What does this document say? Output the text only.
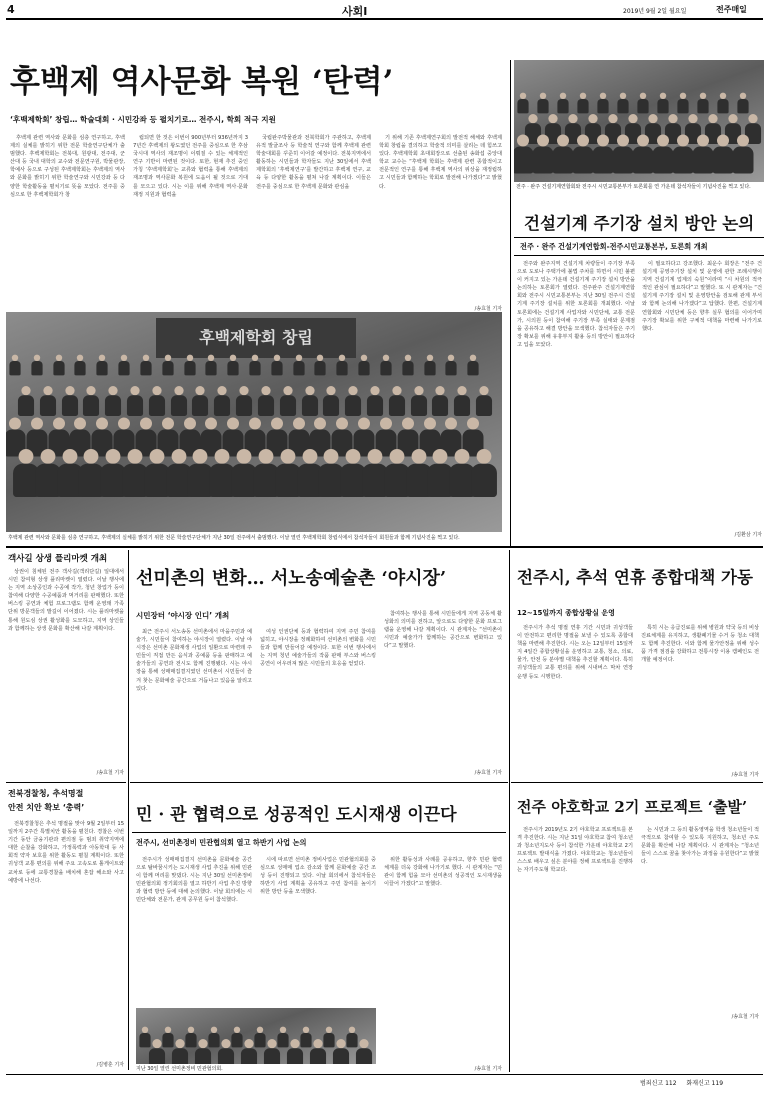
4	사회Ⅰ	2019년 9월 2일 월요일	전주매일
후백제 역사문화 복원 ‘탄력’
‘후백제학회’ 창립… 학술대회 · 시민강좌 등 펼치기로… 전주시, 학회 적극 지원

후백제 관련 역사와 문화를 심층 연구하고, 후백제의 실체를 밝히기 위한 전문 학술연구단체가 출범했다. 후백제학회는 전북대, 원광대, 전주대, 군산대 등 국내 대학의 교수와 전문연구원, 박물관장, 학예사 등으로 구성된 후백제학회는 후백제의 역사와 문화를 밝히기 위한 학술연구와 시민강좌 등 다양한 학술활동을 펼치기로 뜻을 모았다. 전주를 중심으로 한 후백제학회가 창

립되면 한 것은 이번이 900년부터 936년까지 37년간 후백제의 왕도였던 전주를 중심으로 한 후삼국시대 역사의 재조명이 이뤄질 수 있는 체계적인 연구 기반이 마련된 것이다. 또한, 현재 추진 중인 가칭 ‘후백제학회’는 교류와 협력을 통해 후백제의 재조명과 역사문화 복원에 도움이 될 것으로 기대를 모으고 있다. 시는 이를 위해 후백제 역사·문화 재정 지원과 협력을

국립완주박물관과 전북학회가 주관하고, 후백제 유적 발굴조사 등 학술적 연구와 함께 후백제 관련 학술대회를 꾸준히 이어갈 예정이다. 전북지역에서 활동하는 시민들과 학자들도 지난 30일에서 후백제학회의 ‘후백제연구’를 발간하고 후백제 연구, 교육 등 다양한 활동을 펼쳐 나갈 계획이다. 이들은 전주를 중심으로 한 후백제 문화와 관심을

기 위해 기존 후백제연구회의 발전적 해체와 후백제학회 창립을 결의하고 학술적 의미를 살리는 데 힘쓰고 있다. 후백제학회 초대회장으로 선출된 송화섭 중앙대학교 교수는 “후백제 학회는 후백제 관련 종합적이고 전문적인 연구를 통해 후백제 역사의 위상을 재정립하고 시민들과 함께하는 학회로 발전해 나가겠다”고 밝혔다.

/송효철 기자
후백제학회 창립
후백제 관련 역사와 문화를 심층 연구하고, 후백제의 실체를 밝히기 위한 전문 학술연구단체가 지난 30일 전주에서 출범했다. 이날 열린 후백제학회 창립식에서 참석자들이 회원들과 함께 기념사진을 찍고 있다.
전주 · 완주 건설기계연합회와 전주시 시민교통본부가 토론회를 연 가운데 참석자들이 기념사진을 찍고 있다.
건설기계 주기장 설치 방안 논의
전주 · 완주 건설기계연합회-전주시민교통본부, 토론회 개최

전주와 완주지역 건설기계 차량들이 주기장 부족으로 도로나 주택가에 불법 주차를 하면서 시민 불편이 커지고 있는 가운데 건설기계 주기장 설치 방안을 논의하는 토론회가 열렸다. 전주완주 건설기계연합회와 전주시 시민교통본부는 지난 30일 전주시 건설기계 주기장 설치를 위한 토론회를 개최했다. 이날 토론회에는 건설기계 사업자와 시민단체, 교통 전문가, 시의원 등이 참여해 주기장 부족 실태와 문제점을 공유하고 해결 방안을 모색했다. 참석자들은 주기장 확보를 위해 유휴부지 활용 등의 방안이 필요하다고 입을 모았다.

이 필요하다고 강조했다. 최운수 회장은 “전주 건설기계 공영주기장 설치 및 운영에 관한 조례시행이 지역 건설기계 업계의 숙원”이라며 “시 차원의 적극적인 관심이 필요하다”고 말했다. 또 시 관계자는 “건설기계 주기장 설치 및 운영방안을 검토해 관계 부서와 함께 논의해 나가겠다”고 답했다. 한편, 건설기계연합회와 시민단체 등은 향후 실무 협의를 이어가며 주기장 확보를 위한 구체적 대책을 마련해 나가기로 했다.

/김환삼 기자
객사길 상생 플리마켓 개최

상권이 침체된 전주 객사길(객리단길) 일대에서 시민 참여형 상생 플리마켓이 열렸다. 이날 행사에는 지역 소상공인과 수공예 작가, 청년 창업가 등이 참여해 다양한 수공예품과 먹거리를 판매했다. 또한 버스킹 공연과 체험 프로그램도 함께 운영돼 가족 단위 방문객들의 발길이 이어졌다. 시는 플리마켓을 통해 원도심 상권 활성화를 도모하고, 지역 상인들과 함께하는 상생 문화를 확산해 나갈 계획이다.

/송효철 기자
선미촌의 변화… 서노송예술촌 ‘야시장’
시민장터 ‘야시장 인디’ 개최

최근 전주시 서노송동 선미촌에서 마을주민과 예술가, 시민들이 참여하는 야시장이 열렸다. 이날 야시장은 선미촌 문화재생 사업의 일환으로 마련돼 주민들이 직접 만든 음식과 공예품 등을 판매하고 예술가들의 공연과 전시도 함께 진행됐다. 시는 야시장을 통해 성매매집결지였던 선미촌이 시민들이 즐겨 찾는 문화예술 공간으로 거듭나고 있음을 알리고 있다.

여성 인권단체 등과 협력하여 지역 주민 참여를 넓히고, 야시장을 정례화하여 선미촌의 변화를 시민들과 함께 만들어갈 예정이다. 또한 이번 행사에서는 지역 청년 예술가들의 작품 판매 부스와 버스킹 공연이 어우러져 많은 시민들의 호응을 얻었다.

참여하는 행사를 통해 시민들에게 지역 공동체 활성화의 의미를 전하고, 앞으로도 다양한 문화 프로그램을 운영해 나갈 계획이다. 시 관계자는 “선미촌이 시민과 예술가가 함께하는 공간으로 변화하고 있다”고 말했다.

/송효철 기자
전주시, 추석 연휴 종합대책 가동
12~15일까지 종합상황실 운영

전주시가 추석 명절 연휴 기간 시민과 귀성객들이 안전하고 편리한 명절을 보낼 수 있도록 종합대책을 마련해 추진한다. 시는 오는 12일부터 15일까지 4일간 종합상황실을 운영하고 교통, 청소, 의료, 물가, 안전 등 분야별 대책을 추진할 계획이다. 특히 귀성객들의 교통 편의를 위해 시내버스 막차 연장 운행 등도 시행한다.

특히 시는 응급진료를 위해 병원과 약국 등의 비상 진료체계를 유지하고, 생활폐기물 수거 등 청소 대책도 함께 추진한다. 이와 함께 물가안정을 위해 성수품 가격 점검을 강화하고 전통시장 이용 캠페인도 전개할 예정이다.

/송효철 기자
전북경찰청, 추석명절
안전 치안 확보 ‘총력’

전북경찰청은 추석 명절을 맞아 9월 2일부터 15일까지 2주간 특별치안 활동을 펼친다. 경찰은 이번 기간 동안 금융기관과 편의점 등 범죄 취약지역에 대한 순찰을 강화하고, 가정폭력과 아동학대 등 사회적 약자 보호를 위한 활동도 펼칠 계획이다. 또한 귀성객 교통 편의를 위해 주요 고속도로 톨게이트와 교차로 등에 교통경찰을 배치해 혼잡 해소와 사고 예방에 나선다.

/김병훈 기자
민 · 관 협력으로 성공적인 도시재생 이끈다
전주시, 선미촌정비 민관협의회 열고 하반기 사업 논의

전주시가 성매매집결지 선미촌을 문화예술 공간으로 탈바꿈시키는 도시재생 사업 추진을 위해 민관이 함께 머리를 맞댔다. 시는 지난 30일 선미촌정비 민관협의회 정기회의를 열고 하반기 사업 추진 방향과 협력 방안 등에 대해 논의했다. 이날 회의에는 시민단체와 전문가, 관계 공무원 등이 참석했다.

시에 따르면 선미촌 정비사업은 민관협의회를 중심으로 성매매 업소 감소와 함께 문화예술 공간 조성 등이 진행되고 있다. 이날 회의에서 참석자들은 하반기 사업 계획을 공유하고 주민 참여를 높이기 위한 방안 등을 모색했다.

위한 활동성과 사례를 공유하고, 향후 민관 협력 체계를 더욱 강화해 나가기로 했다. 시 관계자는 “민관이 함께 힘을 모아 선미촌의 성공적인 도시재생을 이끌어 가겠다”고 말했다.

/송효철 기자
지난 30일 열린 선미촌정비 민관협의회.
전주 야호학교 2기 프로젝트 ‘출발’

전주시가 2019년도 2기 야호학교 프로젝트를 본격 추진한다. 시는 지난 31일 야호학교 참여 청소년과 청소년지도사 등이 참석한 가운데 야호학교 2기 프로젝트 발대식을 가졌다. 야호학교는 청소년들이 스스로 배우고 싶은 분야를 정해 프로젝트를 진행하는 자기주도형 학교다.

는 시민과 그 등의 활동영역을 학생 청소년들이 적극적으로 참여할 수 있도록 지원하고, 청소년 주도 문화를 확산해 나갈 계획이다. 시 관계자는 “청소년들이 스스로 꿈을 찾아가는 과정을 응원한다”고 밝혔다.

/송효철 기자
범죄신고 112 화재신고 119
